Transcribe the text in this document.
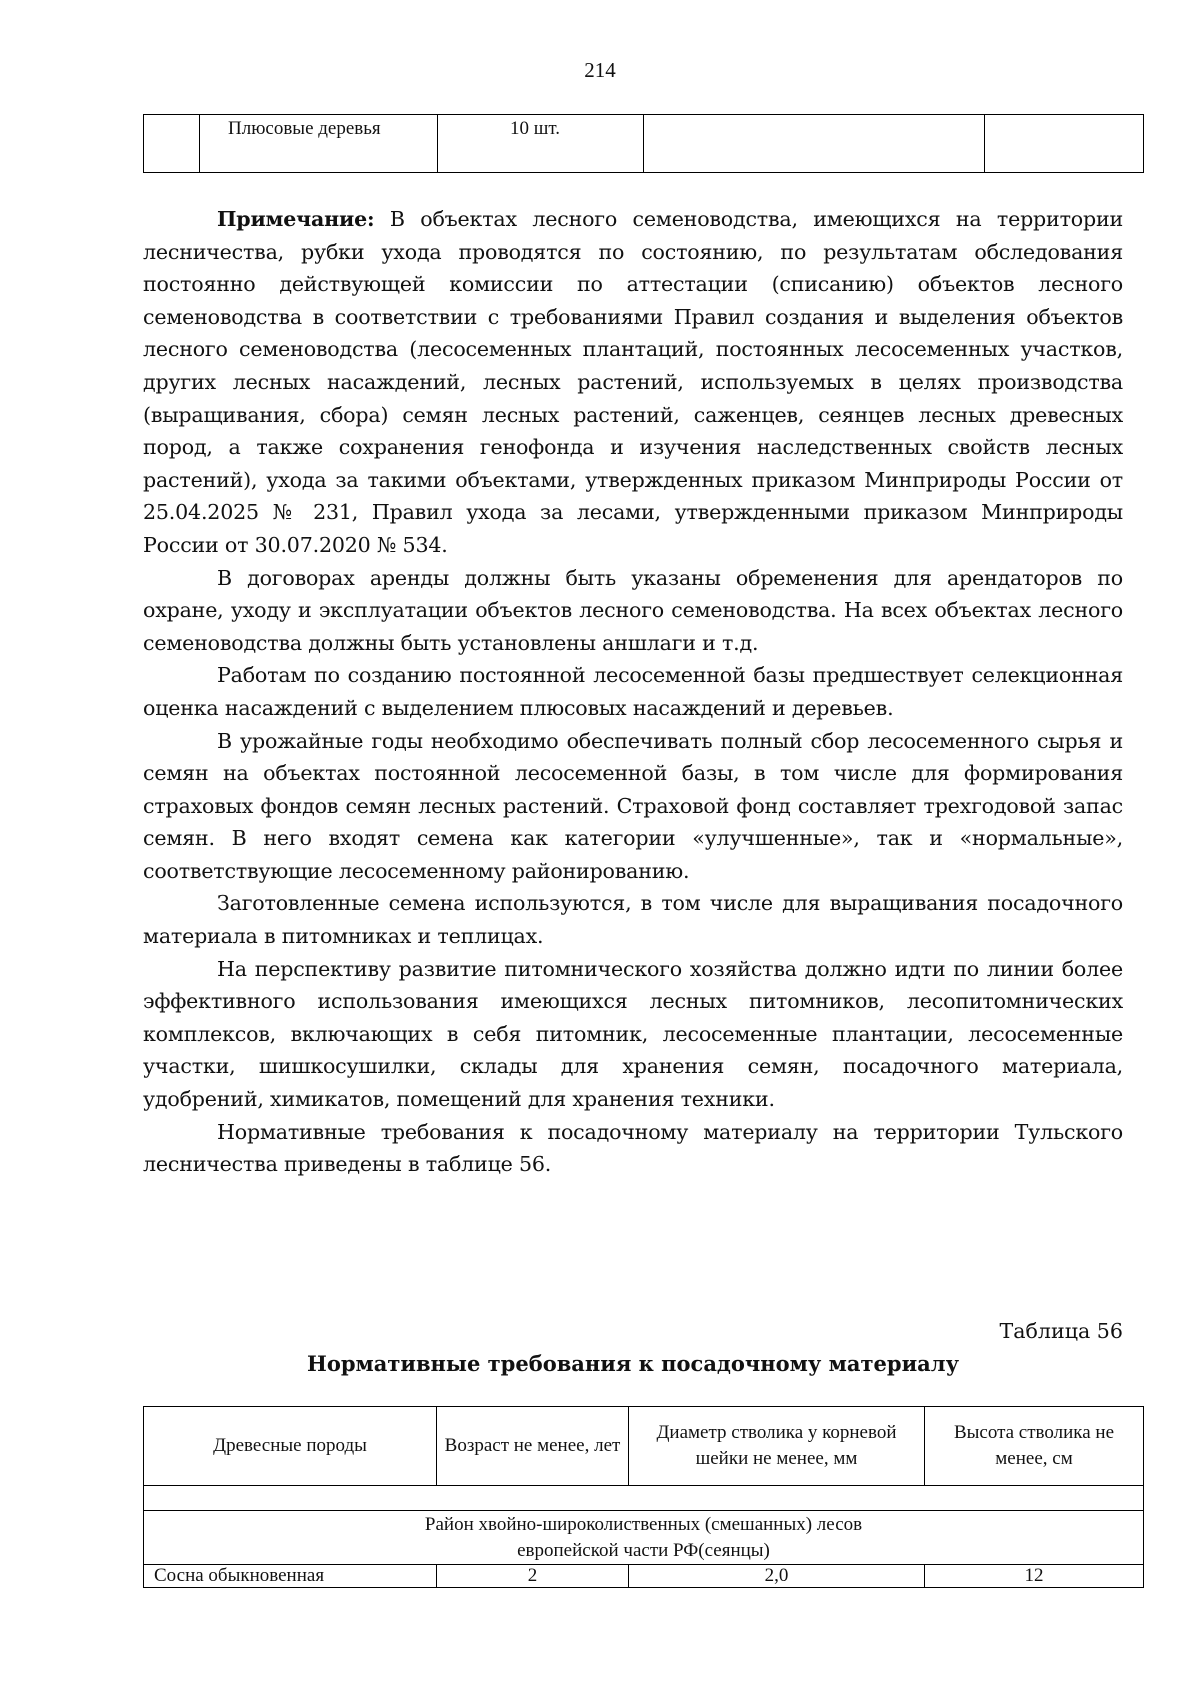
214
	Плюсовые деревья	10 шт.		

Примечание: В объектах лесного семеноводства, имеющихся на территории лесничества, рубки ухода проводятся по состоянию, по результатам обследования постоянно действующей комиссии по аттестации (списанию) объектов лесного семеноводства в соответствии с требованиями Правил создания и выделения объектов лесного семеноводства (лесосеменных плантаций, постоянных лесосеменных участков, других лесных насаждений, лесных растений, используемых в целях производства (выращивания, сбора) семян лесных растений, саженцев, сеянцев лесных древесных пород, а также сохранения генофонда и изучения наследственных свойств лесных растений), ухода за такими объектами, утвержденных приказом Минприроды России от 25.04.2025 № 231, Правил ухода за лесами, утвержденными приказом Минприроды России от 30.07.2020 № 534.

В договорах аренды должны быть указаны обременения для арендаторов по охране, уходу и эксплуатации объектов лесного семеноводства. На всех объектах лесного семеноводства должны быть установлены аншлаги и т.д.

Работам по созданию постоянной лесосеменной базы предшествует селекционная оценка насаждений с выделением плюсовых насаждений и деревьев.

В урожайные годы необходимо обеспечивать полный сбор лесосеменного сырья и семян на объектах постоянной лесосеменной базы, в том числе для формирования страховых фондов семян лесных растений. Страховой фонд составляет трехгодовой запас семян. В него входят семена как категории «улучшенные», так и «нормальные», соответствующие лесосеменному районированию.

Заготовленные семена используются, в том числе для выращивания посадочного материала в питомниках и теплицах.

На перспективу развитие питомнического хозяйства должно идти по линии более эффективного использования имеющихся лесных питомников, лесопитомнических комплексов, включающих в себя питомник, лесосеменные плантации, лесосеменные участки, шишкосушилки, склады для хранения семян, посадочного материала, удобрений, химикатов, помещений для хранения техники.

Нормативные требования к посадочному материалу на территории Тульского лесничества приведены в таблице 56.

Таблица 56
Нормативные требования к посадочному материалу
Древесные породы	Возраст не менее, лет	Диаметр стволика у корневой шейки не менее, мм	Высота стволика не менее, см

Район хвойно-широколиственных (смешанных) лесов европейской части РФ(сеянцы)			

Сосна обыкновенная	2	2,0	12
